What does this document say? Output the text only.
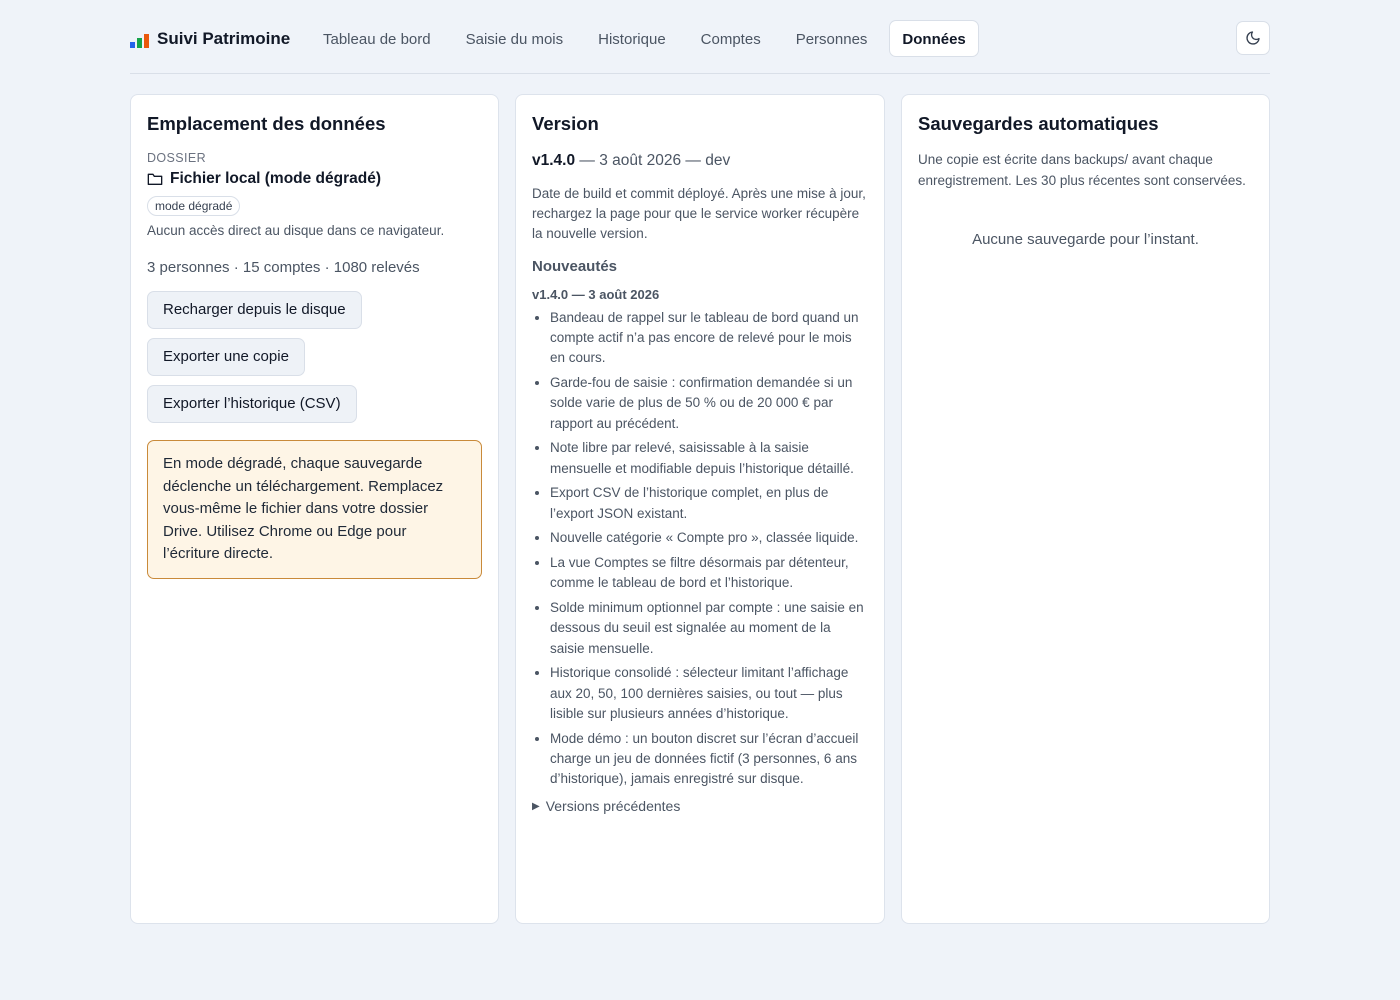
Suivi Patrimoine	Tableau de bord	Saisie du mois	Historique	Comptes	Personnes	Données
Emplacement des données
DOSSIER
Fichier local (mode dégradé)
mode dégradé
Aucun accès direct au disque dans ce navigateur.
3 personnes · 15 comptes · 1080 relevés
Recharger depuis le disque
Exporter une copie
Exporter l’historique (CSV)
En mode dégradé, chaque sauvegarde déclenche un téléchargement. Remplacez vous-même le fichier dans votre dossier Drive. Utilisez Chrome ou Edge pour l’écriture directe.
Version
v1.4.0 — 3 août 2026 — dev
Date de build et commit déployé. Après une mise à jour, rechargez la page pour que le service worker récupère la nouvelle version.
Nouveautés
v1.4.0 — 3 août 2026
• Bandeau de rappel sur le tableau de bord quand un compte actif n’a pas encore de relevé pour le mois en cours.
• Garde-fou de saisie : confirmation demandée si un solde varie de plus de 50 % ou de 20 000 € par rapport au précédent.
• Note libre par relevé, saisissable à la saisie mensuelle et modifiable depuis l’historique détaillé.
• Export CSV de l’historique complet, en plus de l’export JSON existant.
• Nouvelle catégorie « Compte pro », classée liquide.
• La vue Comptes se filtre désormais par détenteur, comme le tableau de bord et l’historique.
• Solde minimum optionnel par compte : une saisie en dessous du seuil est signalée au moment de la saisie mensuelle.
• Historique consolidé : sélecteur limitant l’affichage aux 20, 50, 100 dernières saisies, ou tout — plus lisible sur plusieurs années d’historique.
• Mode démo : un bouton discret sur l’écran d’accueil charge un jeu de données fictif (3 personnes, 6 ans d’historique), jamais enregistré sur disque.
▶ Versions précédentes
Sauvegardes automatiques
Une copie est écrite dans backups/ avant chaque enregistrement. Les 30 plus récentes sont conservées.
Aucune sauvegarde pour l’instant.
